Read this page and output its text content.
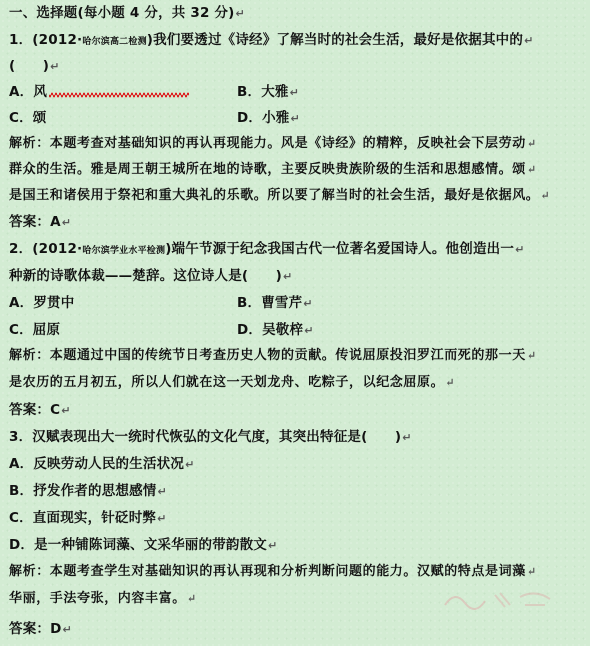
一、选择题(每小题 4 分，共 32 分)↵
1．(2012·哈尔滨高二检测)我们要透过《诗经》了解当时的社会生活，最好是依据其中的↵
(　　)↵
A．风	B．大雅↵
C．颂	D．小雅↵
解析：本题考查对基础知识的再认再现能力。风是《诗经》的精粹，反映社会下层劳动↵
群众的生活。雅是周王朝王城所在地的诗歌，主要反映贵族阶级的生活和思想感情。颂↵
是国王和诸侯用于祭祀和重大典礼的乐歌。所以要了解当时的社会生活，最好是依据风。↵
答案：A↵
2．(2012·哈尔滨学业水平检测)端午节源于纪念我国古代一位著名爱国诗人。他创造出一↵
种新的诗歌体裁——楚辞。这位诗人是(　　)↵
A．罗贯中	B．曹雪芹↵
C．屈原	D．吴敬梓↵
解析：本题通过中国的传统节日考查历史人物的贡献。传说屈原投汨罗江而死的那一天↵
是农历的五月初五，所以人们就在这一天划龙舟、吃粽子，以纪念屈原。↵
答案：C↵
3．汉赋表现出大一统时代恢弘的文化气度，其突出特征是(　　)↵
A．反映劳动人民的生活状况↵
B．抒发作者的思想感情↵
C．直面现实，针砭时弊↵
D．是一种铺陈词藻、文采华丽的带韵散文↵
解析：本题考查学生对基础知识的再认再现和分析判断问题的能力。汉赋的特点是词藻↵
华丽，手法夸张，内容丰富。↵
答案：D↵
